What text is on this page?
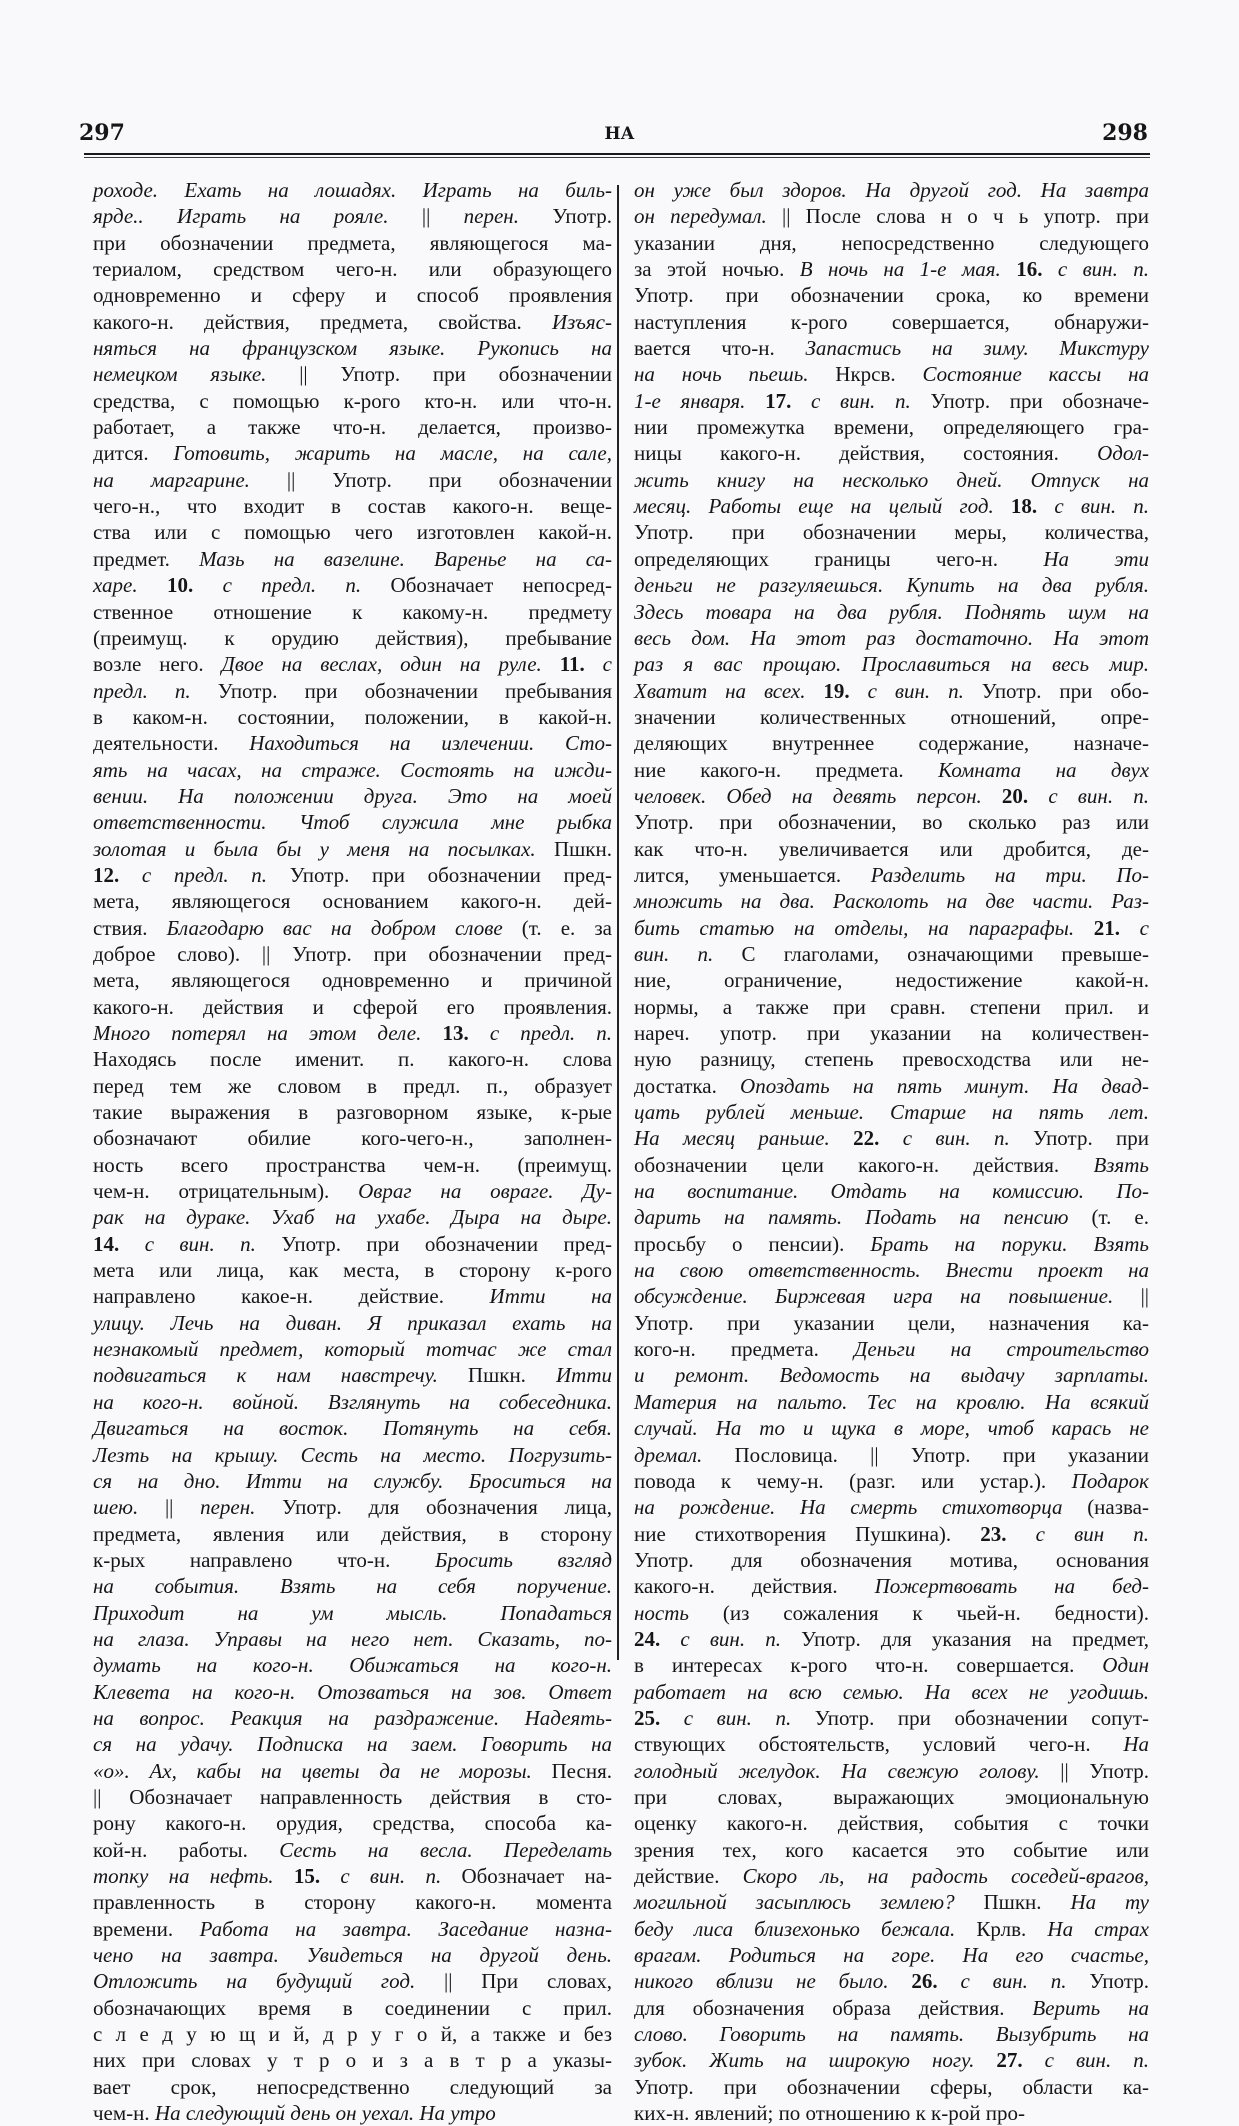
297	НА	298
роходе. Ехать на лошадях. Играть на биль-
ярде.. Играть на рояле. || перен. Употр.
при обозначении предмета, являющегося ма-
териалом, средством чего-н. или образующего
одновременно и сферу и способ проявления
какого-н. действия, предмета, свойства. Изъяс-
няться на французском языке. Рукопись на
немецком языке. || Употр. при обозначении
средства, с помощью к-рого кто-н. или что-н.
работает, а также что-н. делается, произво-
дится. Готовить, жарить на масле, на сале,
на маргарине. || Употр. при обозначении
чего-н., что входит в состав какого-н. веще-
ства или с помощью чего изготовлен какой-н.
предмет. Мазь на вазелине. Варенье на са-
харе. 10. с предл. п. Обозначает непосред-
ственное отношение к какому-н. предмету
(преимущ. к орудию действия), пребывание
возле него. Двое на веслах, один на руле. 11. с
предл. п. Употр. при обозначении пребывания
в каком-н. состоянии, положении, в какой-н.
деятельности. Находиться на излечении. Сто-
ять на часах, на страже. Состоять на ижди-
вении. На положении друга. Это на моей
ответственности. Чтоб служила мне рыбка
золотая и была бы у меня на посылках. Пшкн.
12. с предл. п. Употр. при обозначении пред-
мета, являющегося основанием какого-н. дей-
ствия. Благодарю вас на добром слове (т. е. за
доброе слово). || Употр. при обозначении пред-
мета, являющегося одновременно и причиной
какого-н. действия и сферой его проявления.
Много потерял на этом деле. 13. с предл. п.
Находясь после именит. п. какого-н. слова
перед тем же словом в предл. п., образует
такие выражения в разговорном языке, к-рые
обозначают обилие кого-чего-н., заполнен-
ность всего пространства чем-н. (преимущ.
чем-н. отрицательным). Овраг на овраге. Ду-
рак на дураке. Ухаб на ухабе. Дыра на дыре.
14. с вин. п. Употр. при обозначении пред-
мета или лица, как места, в сторону к-рого
направлено какое-н. действие. Итти на
улицу. Лечь на диван. Я приказал ехать на
незнакомый предмет, который тотчас же стал
подвигаться к нам навстречу. Пшкн. Итти
на кого-н. войной. Взглянуть на собеседника.
Двигаться на восток. Потянуть на себя.
Лезть на крышу. Сесть на место. Погрузить-
ся на дно. Итти на службу. Броситься на
шею. || перен. Употр. для обозначения лица,
предмета, явления или действия, в сторону
к-рых направлено что-н. Бросить взгляд
на события. Взять на себя поручение.
Приходит на ум мысль. Попадаться
на глаза. Управы на него нет. Сказать, по-
думать на кого-н. Обижаться на кого-н.
Клевета на кого-н. Отозваться на зов. Ответ
на вопрос. Реакция на раздражение. Надеять-
ся на удачу. Подписка на заем. Говорить на
«о». Ах, кабы на цветы да не морозы. Песня.
|| Обозначает направленность действия в сто-
рону какого-н. орудия, средства, способа ка-
кой-н. работы. Сесть на весла. Переделать
топку на нефть. 15. с вин. п. Обозначает на-
правленность в сторону какого-н. момента
времени. Работа на завтра. Заседание назна-
чено на завтра. Увидеться на другой день.
Отложить на будущий год. || При словах,
обозначающих время в соединении с прил.
с л е д у ю щ и й, д р у г о й, а также и без
них при словах у т р о и з а в т р а указы-
вает срок, непосредственно следующий за
чем-н. На следующий день он уехал. На утро
он уже был здоров. На другой год. На завтра
он передумал. || После слова н о ч ь употр. при
указании дня, непосредственно следующего
за этой ночью. В ночь на 1-е мая. 16. с вин. п.
Употр. при обозначении срока, ко времени
наступления к-рого совершается, обнаружи-
вается что-н. Запастись на зиму. Микстуру
на ночь пьешь. Нкрсв. Состояние кассы на
1-е января. 17. с вин. п. Употр. при обозначе-
нии промежутка времени, определяющего гра-
ницы какого-н. действия, состояния. Одол-
жить книгу на несколько дней. Отпуск на
месяц. Работы еще на целый год. 18. с вин. п.
Употр. при обозначении меры, количества,
определяющих границы чего-н. На эти
деньги не разгуляешься. Купить на два рубля.
Здесь товара на два рубля. Поднять шум на
весь дом. На этот раз достаточно. На этот
раз я вас прощаю. Прославиться на весь мир.
Хватит на всех. 19. с вин. п. Употр. при обо-
значении количественных отношений, опре-
деляющих внутреннее содержание, назначе-
ние какого-н. предмета. Комната на двух
человек. Обед на девять персон. 20. с вин. п.
Употр. при обозначении, во сколько раз или
как что-н. увеличивается или дробится, де-
лится, уменьшается. Разделить на три. По-
множить на два. Расколоть на две части. Раз-
бить статью на отделы, на параграфы. 21. с
вин. п. С глаголами, означающими превыше-
ние, ограничение, недостижение какой-н.
нормы, а также при сравн. степени прил. и
нареч. употр. при указании на количествен-
ную разницу, степень превосходства или не-
достатка. Опоздать на пять минут. На двад-
цать рублей меньше. Старше на пять лет.
На месяц раньше. 22. с вин. п. Употр. при
обозначении цели какого-н. действия. Взять
на воспитание. Отдать на комиссию. По-
дарить на память. Подать на пенсию (т. е.
просьбу о пенсии). Брать на поруки. Взять
на свою ответственность. Внести проект на
обсуждение. Биржевая игра на повышение. ||
Употр. при указании цели, назначения ка-
кого-н. предмета. Деньги на строительство
и ремонт. Ведомость на выдачу зарплаты.
Материя на пальто. Тес на кровлю. На всякий
случай. На то и щука в море, чтоб карась не
дремал. Пословица. || Употр. при указании
повода к чему-н. (разг. или устар.). Подарок
на рождение. На смерть стихотворца (назва-
ние стихотворения Пушкина). 23. с вин п.
Употр. для обозначения мотива, основания
какого-н. действия. Пожертвовать на бед-
ность (из сожаления к чьей-н. бедности).
24. с вин. п. Употр. для указания на предмет,
в интересах к-рого что-н. совершается. Один
работает на всю семью. На всех не угодишь.
25. с вин. п. Употр. при обозначении сопут-
ствующих обстоятельств, условий чего-н. На
голодный желудок. На свежую голову. || Употр.
при словах, выражающих эмоциональную
оценку какого-н. действия, события с точки
зрения тех, кого касается это событие или
действие. Скоро ль, на радость соседей-врагов,
могильной засыплюсь землею? Пшкн. На ту
беду лиса близехонько бежала. Крлв. На страх
врагам. Родиться на горе. На его счастье,
никого вблизи не было. 26. с вин. п. Употр.
для обозначения образа действия. Верить на
слово. Говорить на память. Вызубрить на
зубок. Жить на широкую ногу. 27. с вин. п.
Употр. при обозначении сферы, области ка-
ких-н. явлений; по отношению к к-рой про-
